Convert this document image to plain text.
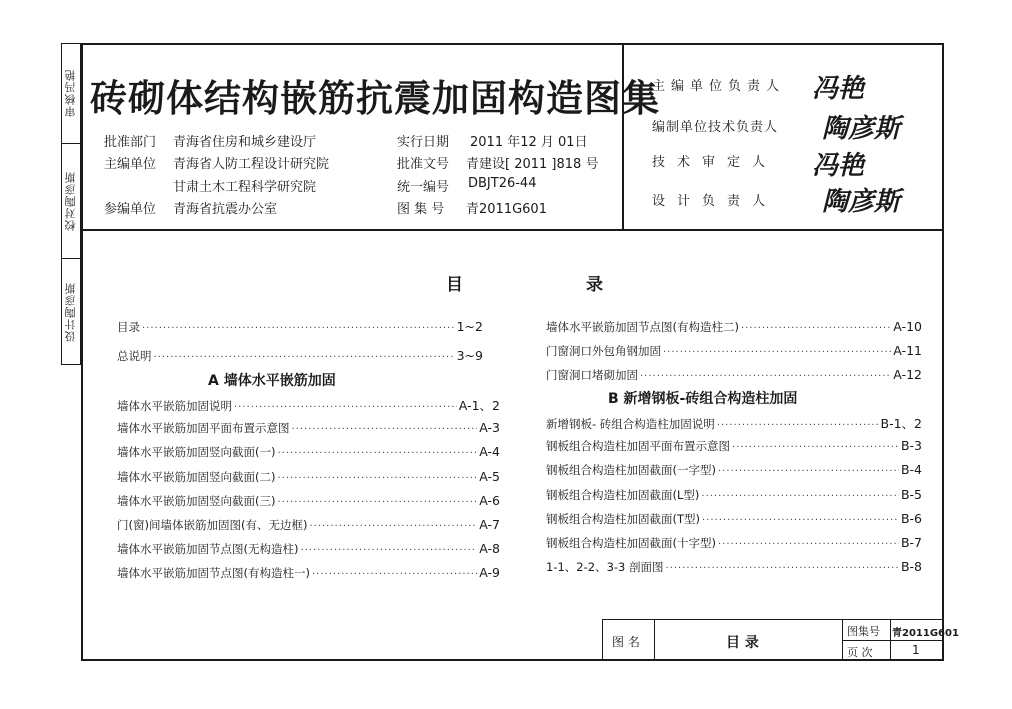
审核冯艳
校对陶彦斯
设计陶彦斯
砖砌体结构嵌筋抗震加固构造图集
批准部门 青海省住房和城乡建设厅
主编单位 青海省人防工程设计研究院
甘肃土木工程科学研究院
参编单位 青海省抗震办公室
实行日期 2011 年12 月 01日
批准文号 青建设[ 2011 ]818 号
统一编号 DBJT26-44
图 集 号 青2011G601
主编单位负责人 冯艳
编制单位技术负责人 陶彦斯
技术审定人 冯艳
设计负责人 陶彦斯
目	录
目录 ·····	1~2
总说明 ·····	3~9
A 墙体水平嵌筋加固
墙体水平嵌筋加固说明 ·····	A-1、2
墙体水平嵌筋加固平面布置示意图 ·····	A-3
墙体水平嵌筋加固竖向截面(一) ·····	A-4
墙体水平嵌筋加固竖向截面(二) ·····	A-5
墙体水平嵌筋加固竖向截面(三) ·····	A-6
门(窗)间墙体嵌筋加固图(有、无边框) ·····	A-7
墙体水平嵌筋加固节点图(无构造柱) ·····	A-8
墙体水平嵌筋加固节点图(有构造柱一) ·····	A-9
墙体水平嵌筋加固节点图(有构造柱二) ·····	A-10
门窗洞口外包角钢加固 ·····	A-11
门窗洞口堵砌加固 ·····	A-12
B 新增钢板-砖组合构造柱加固
新增钢板- 砖组合构造柱加固说明 ·····	B-1、2
钢板组合构造柱加固平面布置示意图 ·····	B-3
钢板组合构造柱加固截面(一字型) ·····	B-4
钢板组合构造柱加固截面(L型) ·····	B-5
钢板组合构造柱加固截面(T型) ·····	B-6
钢板组合构造柱加固截面(十字型) ·····	B-7
1-1、2-2、3-3 剖面图 ·····	B-8
图 名	目 录
图集号 青2011G601
页 次	1
